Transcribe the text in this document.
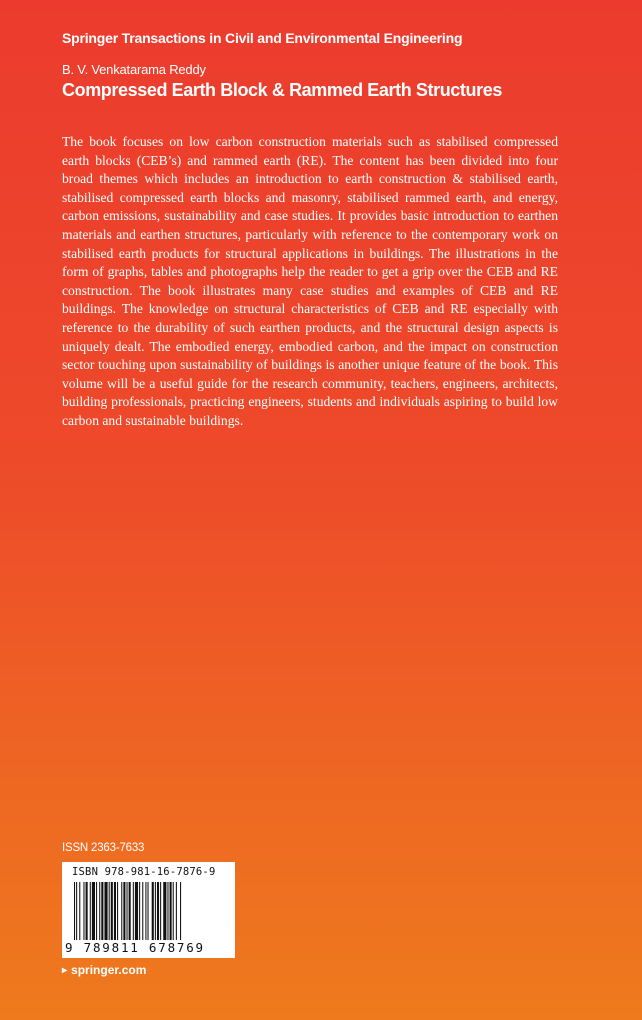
Springer Transactions in Civil and Environmental Engineering
B. V. Venkatarama Reddy
Compressed Earth Block & Rammed Earth Structures

The book focuses on low carbon construction materials such as stabilised compressed earth blocks (CEB’s) and rammed earth (RE). The content has been divided into four broad themes which includes an introduction to earth construction & stabilised earth, stabilised compressed earth blocks and masonry, stabilised rammed earth, and energy, carbon emissions, sustainability and case studies. It provides basic introduction to earthen materials and earthen structures, particularly with reference to the contemporary work on stabilised earth products for structural applications in buildings. The illustrations in the form of graphs, tables and photographs help the reader to get a grip over the CEB and RE construction. The book illustrates many case studies and examples of CEB and RE buildings. The knowledge on structural characteristics of CEB and RE especially with reference to the durability of such earthen products, and the structural design aspects is uniquely dealt. The embodied energy, embodied carbon, and the impact on construction sector touching upon sustainability of buildings is another unique feature of the book. This volume will be a useful guide for the research community, teachers, engineers, architects, building professionals, practicing engineers, students and individuals aspiring to build low carbon and sustainable buildings.

ISSN 2363-7633
ISBN 978-981-16-7876-9
9 789811 678769
▸ springer.com
